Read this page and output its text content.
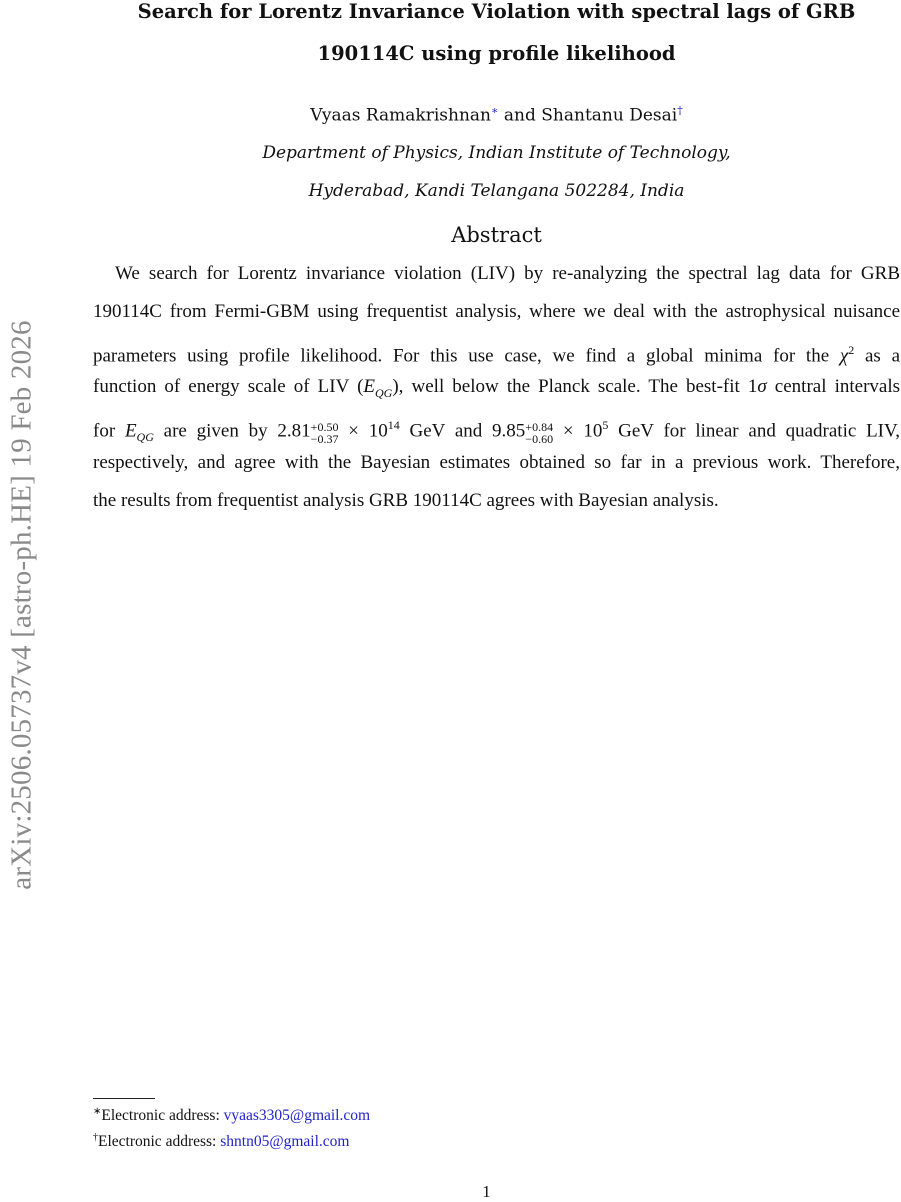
arXiv:2506.05737v4 [astro-ph.HE] 19 Feb 2026
Search for Lorentz Invariance Violation with spectral lags of GRB
190114C using profile likelihood
Vyaas Ramakrishnan∗ and Shantanu Desai†
Department of Physics, Indian Institute of Technology,
Hyderabad, Kandi Telangana 502284, India
Abstract
We search for Lorentz invariance violation (LIV) by re-analyzing the spectral lag data for GRB
190114C from Fermi-GBM using frequentist analysis, where we deal with the astrophysical nuisance
parameters using profile likelihood. For this use case, we find a global minima for the $\chi^2$ as a
function of energy scale of LIV $(E_{QG})$, well below the Planck scale. The best-fit 1σ central intervals
for $E_{QG}$ are given by 2.81 +0.50
$-0.37 \times 10^{14}$ GeV and 9.85 +0.84
$-0.60 \times 10^5$ GeV for linear and quadratic LIV,
respectively, and agree with the Bayesian estimates obtained so far in a previous work. Therefore,
the results from frequentist analysis GRB 190114C agrees with Bayesian analysis.
∗Electronic address: vyaas3305@gmail.com
†Electronic address: shntn05@gmail.com
1
